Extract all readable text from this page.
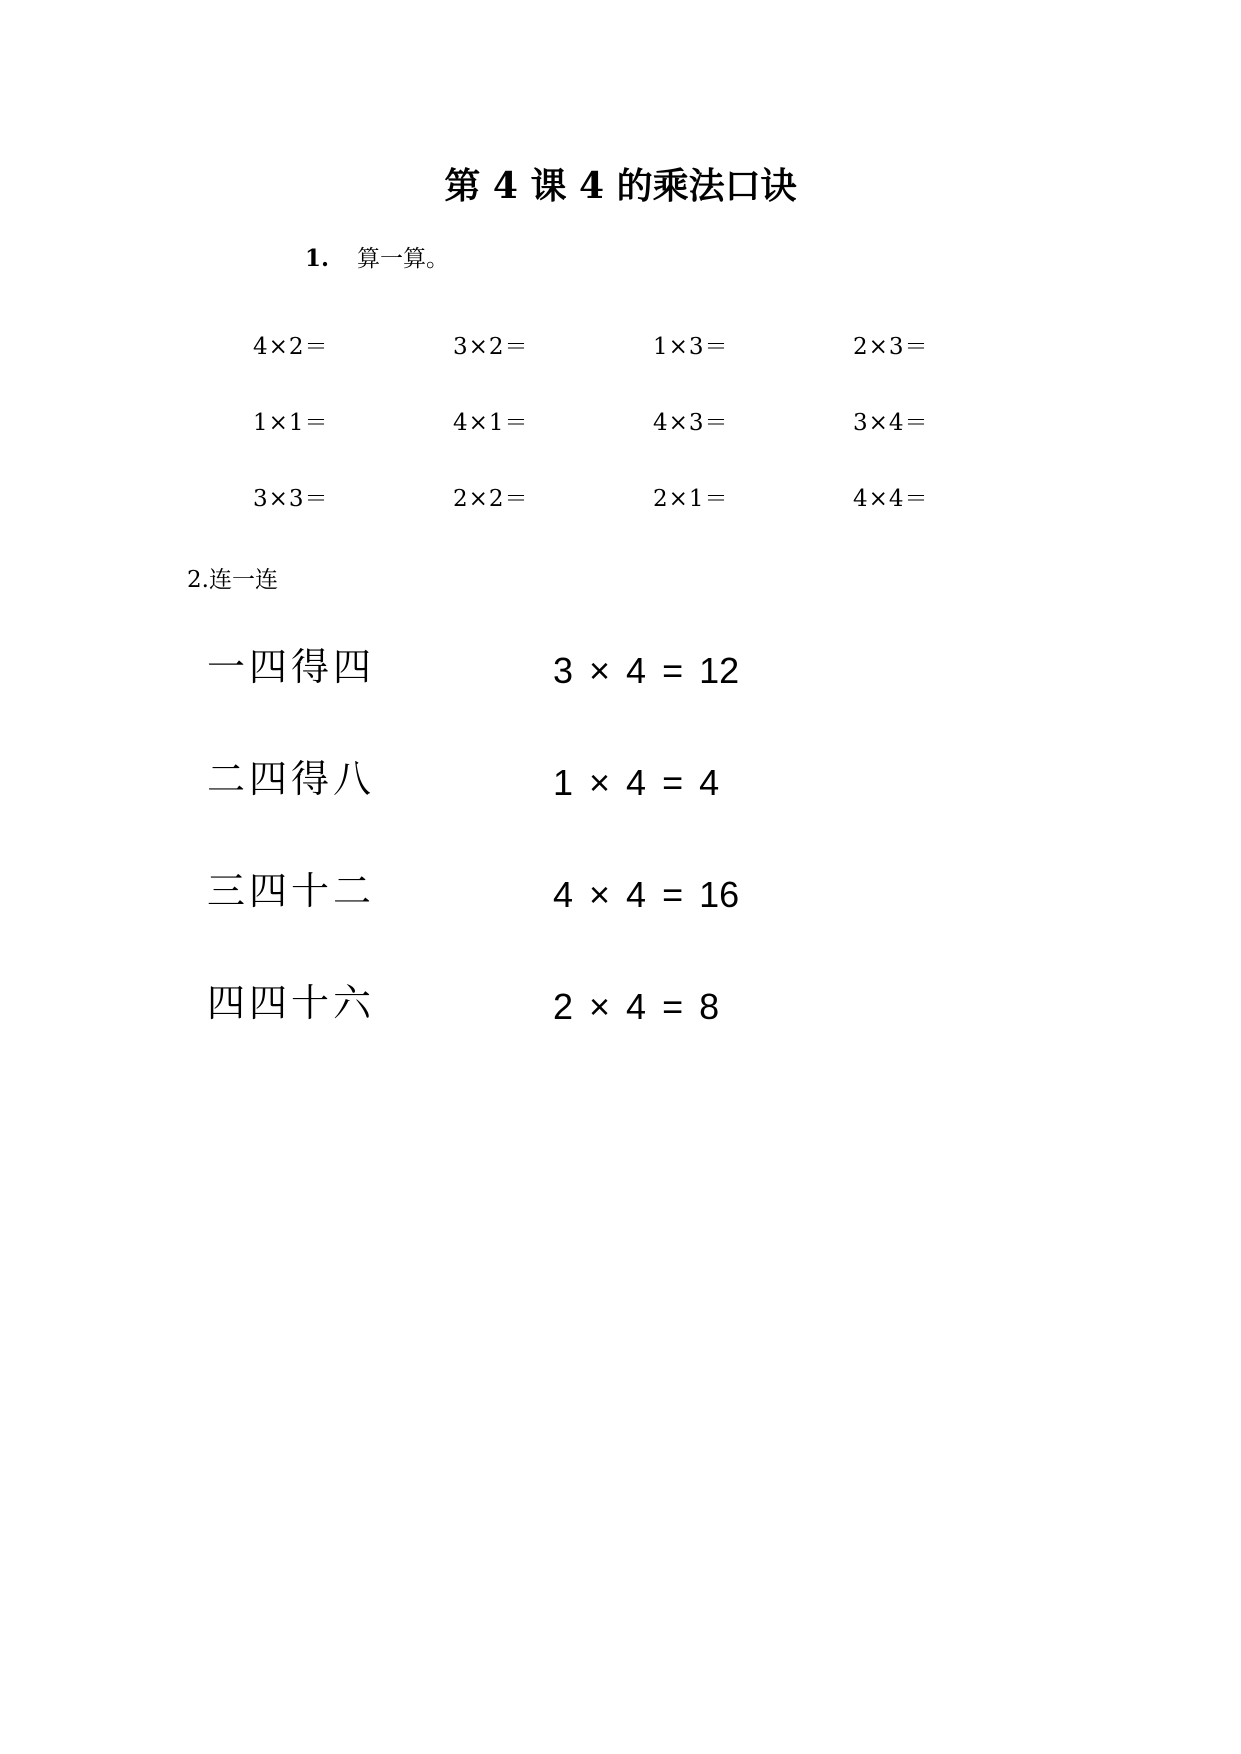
第 4 课 4 的乘法口诀
1. 算一算。
4×2＝	3×2＝	1×3＝	2×3＝
1×1＝	4×1＝	4×3＝	3×4＝
3×3＝	2×2＝	2×1＝	4×4＝
2.连一连
一四得四
二四得八
三四十二
四四十六
3 × 4 = 12
1 × 4 = 4
4 × 4 = 16
2 × 4 = 8
